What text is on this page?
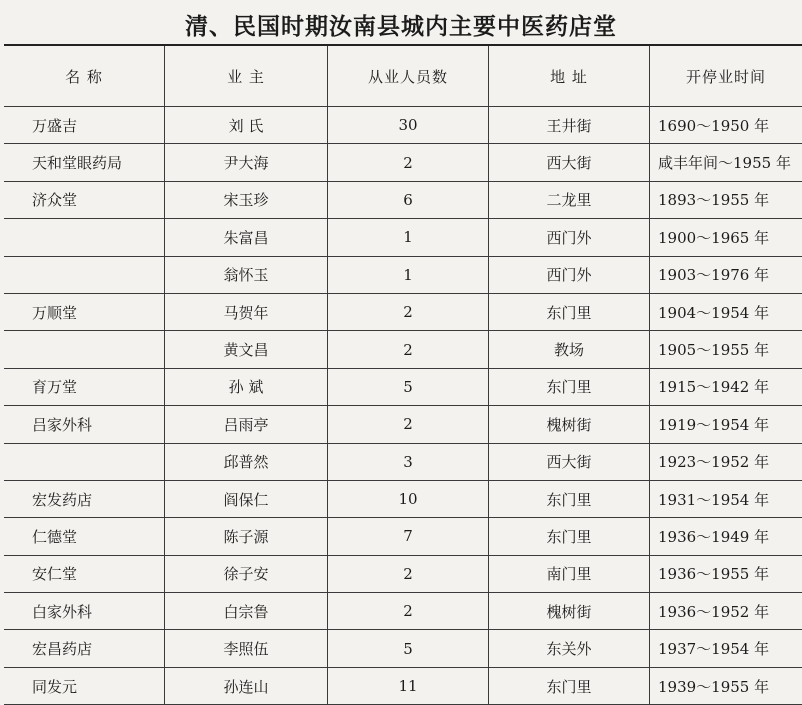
清、民国时期汝南县城内主要中医药店堂
名 称	业 主	从业人员数	地 址	开停业时间
万盛吉	刘 氏	30	王井街	1690～1950 年
天和堂眼药局	尹大海	2	西大街	咸丰年间～1955 年
济众堂	宋玉珍	6	二龙里	1893～1955 年
	朱富昌	1	西门外	1900～1965 年
	翁怀玉	1	西门外	1903～1976 年
万顺堂	马贺年	2	东门里	1904～1954 年
	黄文昌	2	教场	1905～1955 年
育万堂	孙 斌	5	东门里	1915～1942 年
吕家外科	吕雨亭	2	槐树街	1919～1954 年
	邱普然	3	西大街	1923～1952 年
宏发药店	阎保仁	10	东门里	1931～1954 年
仁德堂	陈子源	7	东门里	1936～1949 年
安仁堂	徐子安	2	南门里	1936～1955 年
白家外科	白宗鲁	2	槐树街	1936～1952 年
宏昌药店	李照伍	5	东关外	1937～1954 年
同发元	孙连山	11	东门里	1939～1955 年
